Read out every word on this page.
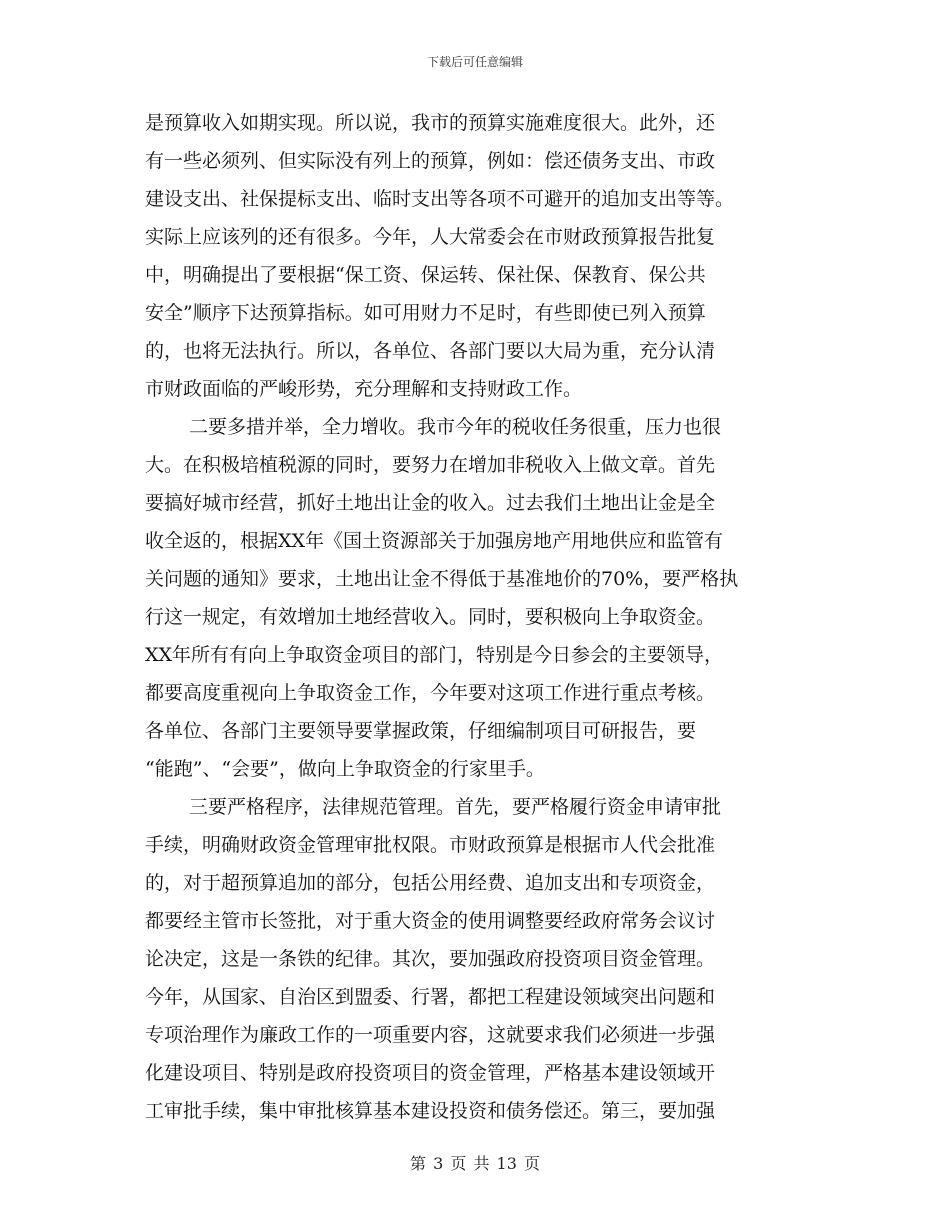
下载后可任意编辑
是预算收入如期实现。所以说，我市的预算实施难度很大。此外，还
有一些必须列、但实际没有列上的预算，例如：偿还债务支出、市政
建设支出、社保提标支出、临时支出等各项不可避开的追加支出等等。
实际上应该列的还有很多。今年，人大常委会在市财政预算报告批复
中，明确提出了要根据“保工资、保运转、保社保、保教育、保公共
安全”顺序下达预算指标。如可用财力不足时，有些即使已列入预算
的，也将无法执行。所以，各单位、各部门要以大局为重，充分认清
市财政面临的严峻形势，充分理解和支持财政工作。
二要多措并举，全力增收。我市今年的税收任务很重，压力也很
大。在积极培植税源的同时，要努力在增加非税收入上做文章。首先
要搞好城市经营，抓好土地出让金的收入。过去我们土地出让金是全
收全返的，根据XX年《国土资源部关于加强房地产用地供应和监管有
关问题的通知》要求，土地出让金不得低于基准地价的70%，要严格执
行这一规定，有效增加土地经营收入。同时，要积极向上争取资金。
XX年所有有向上争取资金项目的部门，特别是今日参会的主要领导，
都要高度重视向上争取资金工作，今年要对这项工作进行重点考核。
各单位、各部门主要领导要掌握政策，仔细编制项目可研报告，要
“能跑”、“会要”，做向上争取资金的行家里手。
三要严格程序，法律规范管理。首先，要严格履行资金申请审批
手续，明确财政资金管理审批权限。市财政预算是根据市人代会批准
的，对于超预算追加的部分，包括公用经费、追加支出和专项资金，
都要经主管市长签批，对于重大资金的使用调整要经政府常务会议讨
论决定，这是一条铁的纪律。其次，要加强政府投资项目资金管理。
今年，从国家、自治区到盟委、行署，都把工程建设领域突出问题和
专项治理作为廉政工作的一项重要内容，这就要求我们必须进一步强
化建设项目、特别是政府投资项目的资金管理，严格基本建设领域开
工审批手续，集中审批核算基本建设投资和债务偿还。第三，要加强
第 3 页 共 13 页
